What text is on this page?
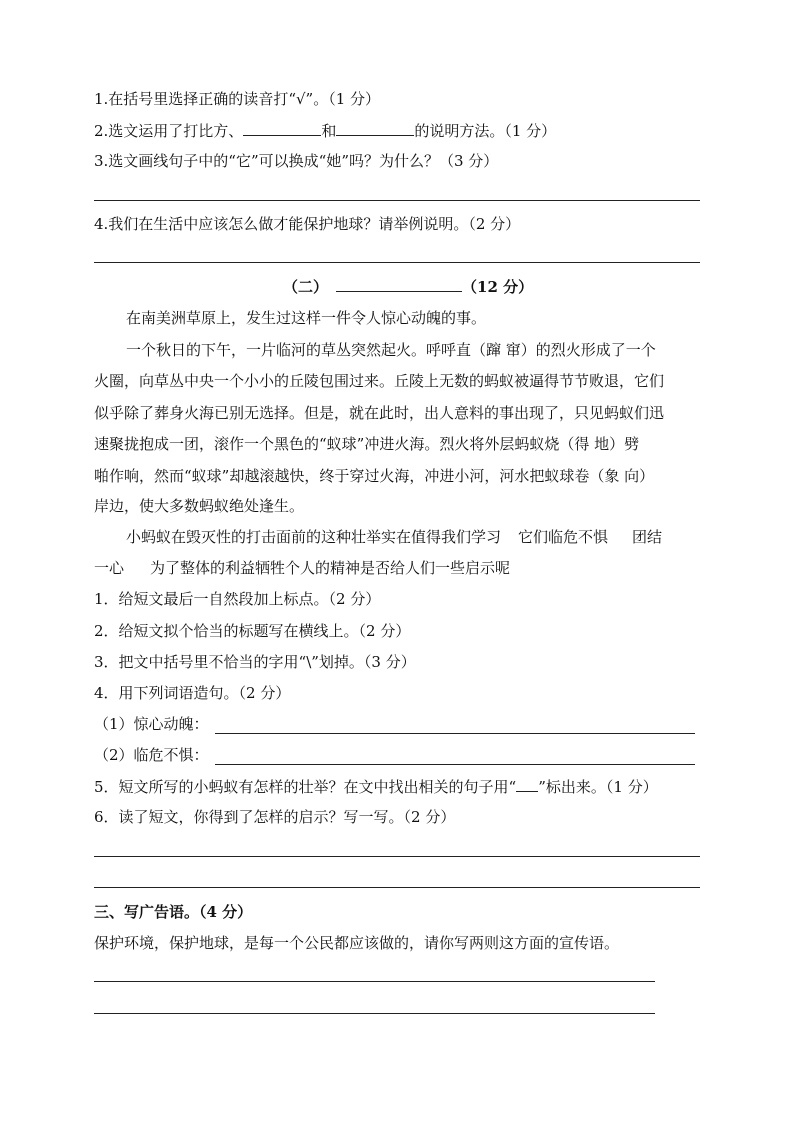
1.在括号里选择正确的读音打“√”。（1 分）
2.选文运用了打比方、	和	的说明方法。（1 分）
3.选文画线句子中的“它”可以换成“她”吗？为什么？（3 分）
4.我们在生活中应该怎么做才能保护地球？请举例说明。（2 分）
（二）	（12 分）
在南美洲草原上，发生过这样一件令人惊心动魄的事。
一个秋日的下午，一片临河的草丛突然起火。呼呼直（蹿 窜）的烈火形成了一个
火圈，向草丛中央一个小小的丘陵包围过来。丘陵上无数的蚂蚁被逼得节节败退，它们
似乎除了葬身火海已别无选择。但是，就在此时，出人意料的事出现了，只见蚂蚁们迅
速聚拢抱成一团，滚作一个黑色的“蚁球”冲进火海。烈火将外层蚂蚁烧（得 地）劈
啪作响，然而“蚁球”却越滚越快，终于穿过火海，冲进小河，河水把蚁球卷（象 向）
岸边，使大多数蚂蚁绝处逢生。
小蚂蚁在毁灭性的打击面前的这种壮举实在值得我们学习 它们临危不惧 团结
一心 为了整体的利益牺牲个人的精神是否给人们一些启示呢
1．给短文最后一自然段加上标点。（2 分）
2．给短文拟个恰当的标题写在横线上。（2 分）
3．把文中括号里不恰当的字用“\”划掉。（3 分）
4．用下列词语造句。（2 分）
（1）惊心动魄：
（2）临危不惧：
5．短文所写的小蚂蚁有怎样的壮举？在文中找出相关的句子用“ ”标出来。（1 分）
6．读了短文，你得到了怎样的启示？写一写。（2 分）
三、写广告语。（4 分）
保护环境，保护地球，是每一个公民都应该做的，请你写两则这方面的宣传语。
